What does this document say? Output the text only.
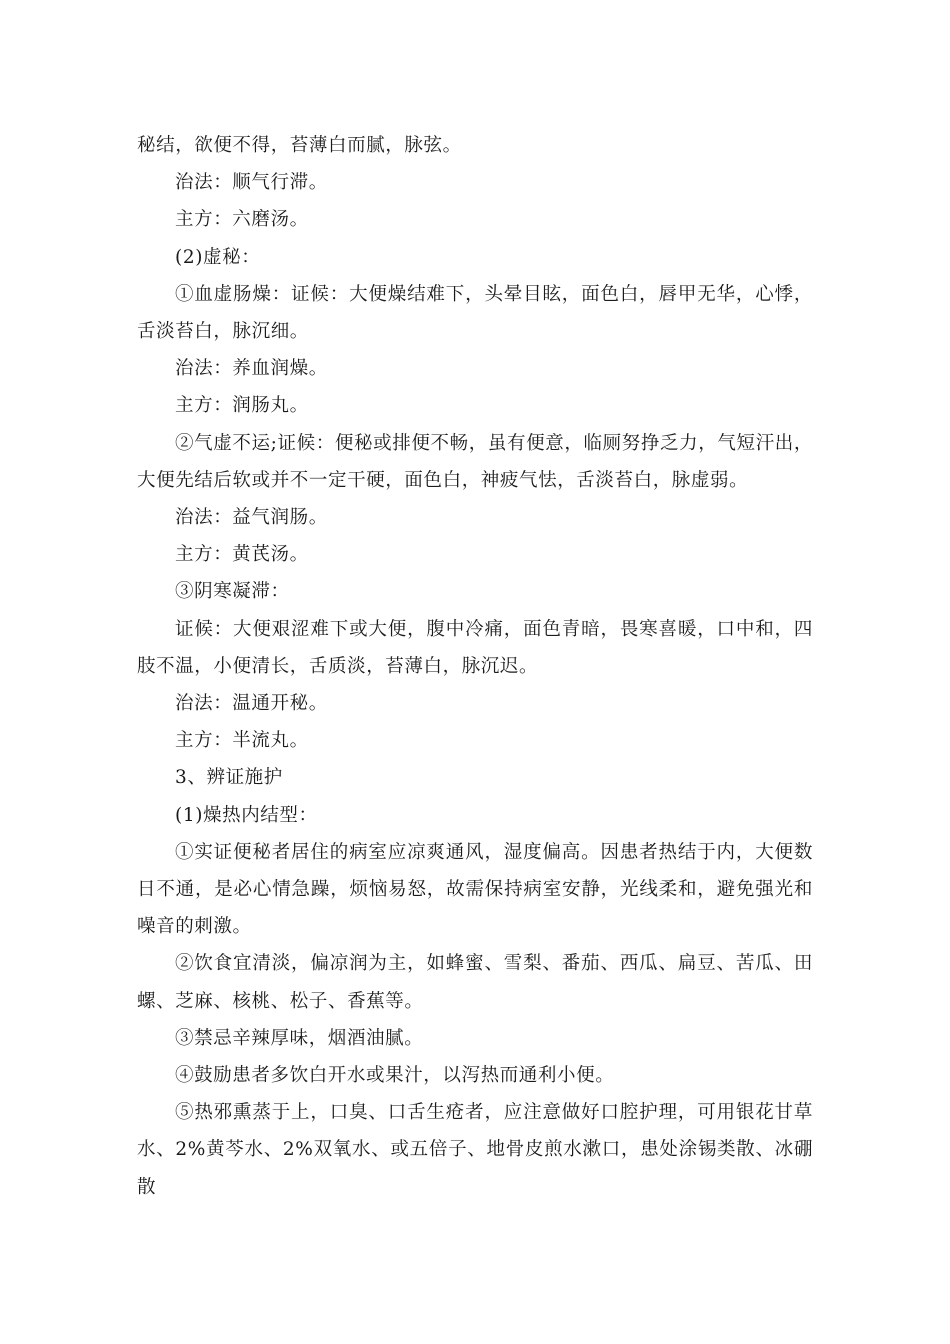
秘结，欲便不得，苔薄白而腻，脉弦。

治法：顺气行滞。

主方：六磨汤。

(2)虚秘：

①血虚肠燥：证候：大便燥结难下，头晕目眩，面色白，唇甲无华，心悸，舌淡苔白，脉沉细。

治法：养血润燥。

主方：润肠丸。

②气虚不运;证候：便秘或排便不畅，虽有便意，临厕努挣乏力，气短汗出，大便先结后软或并不一定干硬，面色白，神疲气怯，舌淡苔白，脉虚弱。

治法：益气润肠。

主方：黄芪汤。

③阴寒凝滞：

证候：大便艰涩难下或大便，腹中冷痛，面色青暗，畏寒喜暖，口中和，四肢不温，小便清长，舌质淡，苔薄白，脉沉迟。

治法：温通开秘。

主方：半流丸。

3、辨证施护

(1)燥热内结型：

①实证便秘者居住的病室应凉爽通风，湿度偏高。因患者热结于内，大便数日不通，是必心情急躁，烦恼易怒，故需保持病室安静，光线柔和，避免强光和噪音的刺激。

②饮食宜清淡，偏凉润为主，如蜂蜜、雪梨、番茄、西瓜、扁豆、苦瓜、田螺、芝麻、核桃、松子、香蕉等。

③禁忌辛辣厚味，烟酒油腻。

④鼓励患者多饮白开水或果汁，以泻热而通利小便。

⑤热邪熏蒸于上，口臭、口舌生疮者，应注意做好口腔护理，可用银花甘草水、2%黄芩水、2%双氧水、或五倍子、地骨皮煎水漱口，患处涂锡类散、冰硼散
